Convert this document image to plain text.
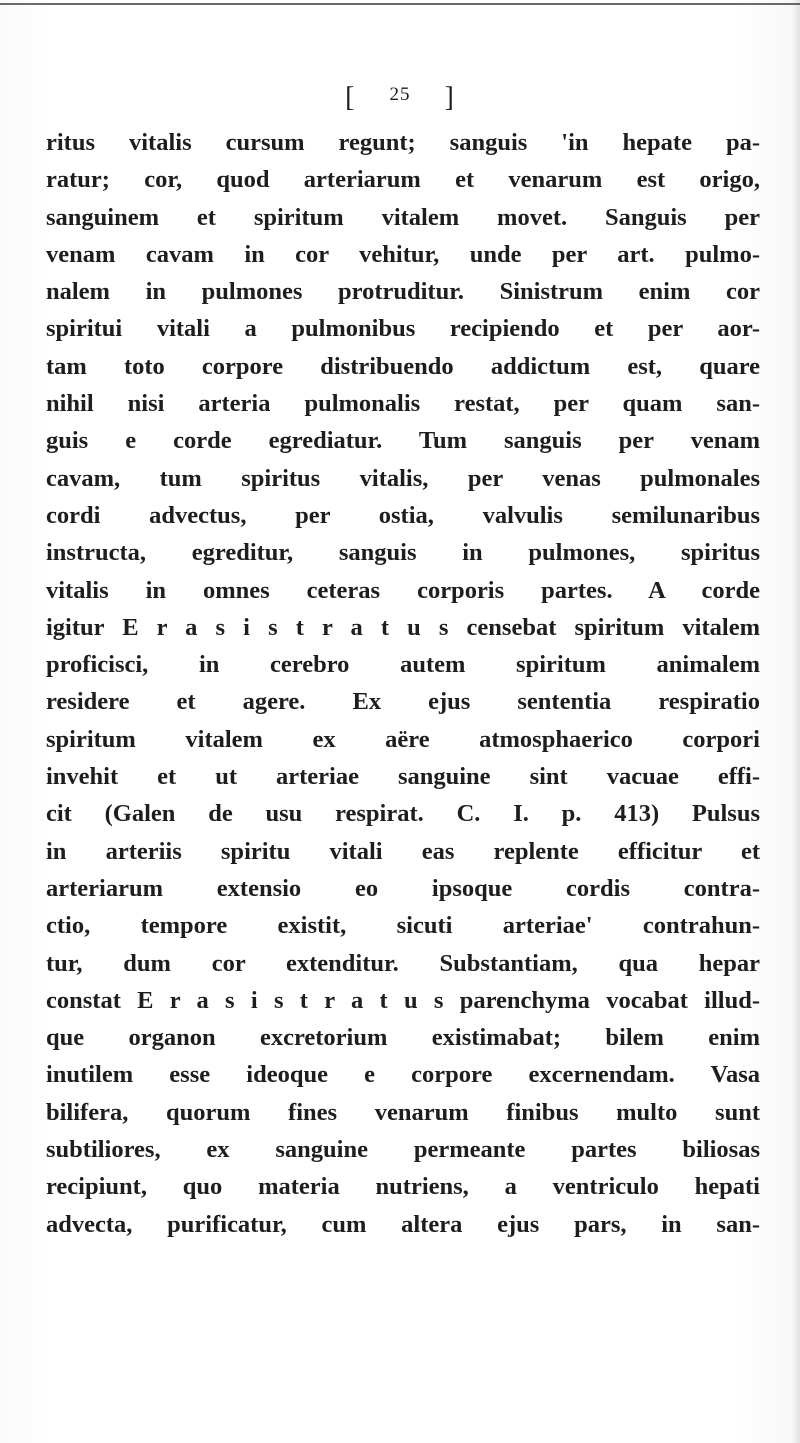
[ 25 ]
ritus vitalis cursum regunt; sanguis 'in hepate pa-
ratur; cor, quod arteriarum et venarum est origo,
sanguinem et spiritum vitalem movet. Sanguis per
venam cavam in cor vehitur, unde per art. pulmo-
nalem in pulmones protruditur. Sinistrum enim cor
spiritui vitali a pulmonibus recipiendo et per aor-
tam toto corpore distribuendo addictum est, quare
nihil nisi arteria pulmonalis restat, per quam san-
guis e corde egrediatur. Tum sanguis per venam
cavam, tum spiritus vitalis, per venas pulmonales
cordi advectus, per ostia, valvulis semilunaribus
instructa, egreditur, sanguis in pulmones, spiritus
vitalis in omnes ceteras corporis partes. A corde
igitur E r a s i s t r a t u s censebat spiritum vitalem
proficisci, in cerebro autem spiritum animalem
residere et agere. Ex ejus sententia respiratio
spiritum vitalem ex aëre atmosphaerico corpori
invehit et ut arteriae sanguine sint vacuae effi-
cit (Galen de usu respirat. C. I. p. 413) Pulsus
in arteriis spiritu vitali eas replente efficitur et
arteriarum extensio eo ipsoque cordis contra-
ctio, tempore existit, sicuti arteriae' contrahun-
tur, dum cor extenditur. Substantiam, qua hepar
constat E r a s i s t r a t u s parenchyma vocabat illud-
que organon excretorium existimabat; bilem enim
inutilem esse ideoque e corpore excernendam. Vasa
bilifera, quorum fines venarum finibus multo sunt
subtiliores, ex sanguine permeante partes biliosas
recipiunt, quo materia nutriens, a ventriculo hepati
advecta, purificatur, cum altera ejus pars, in san-
